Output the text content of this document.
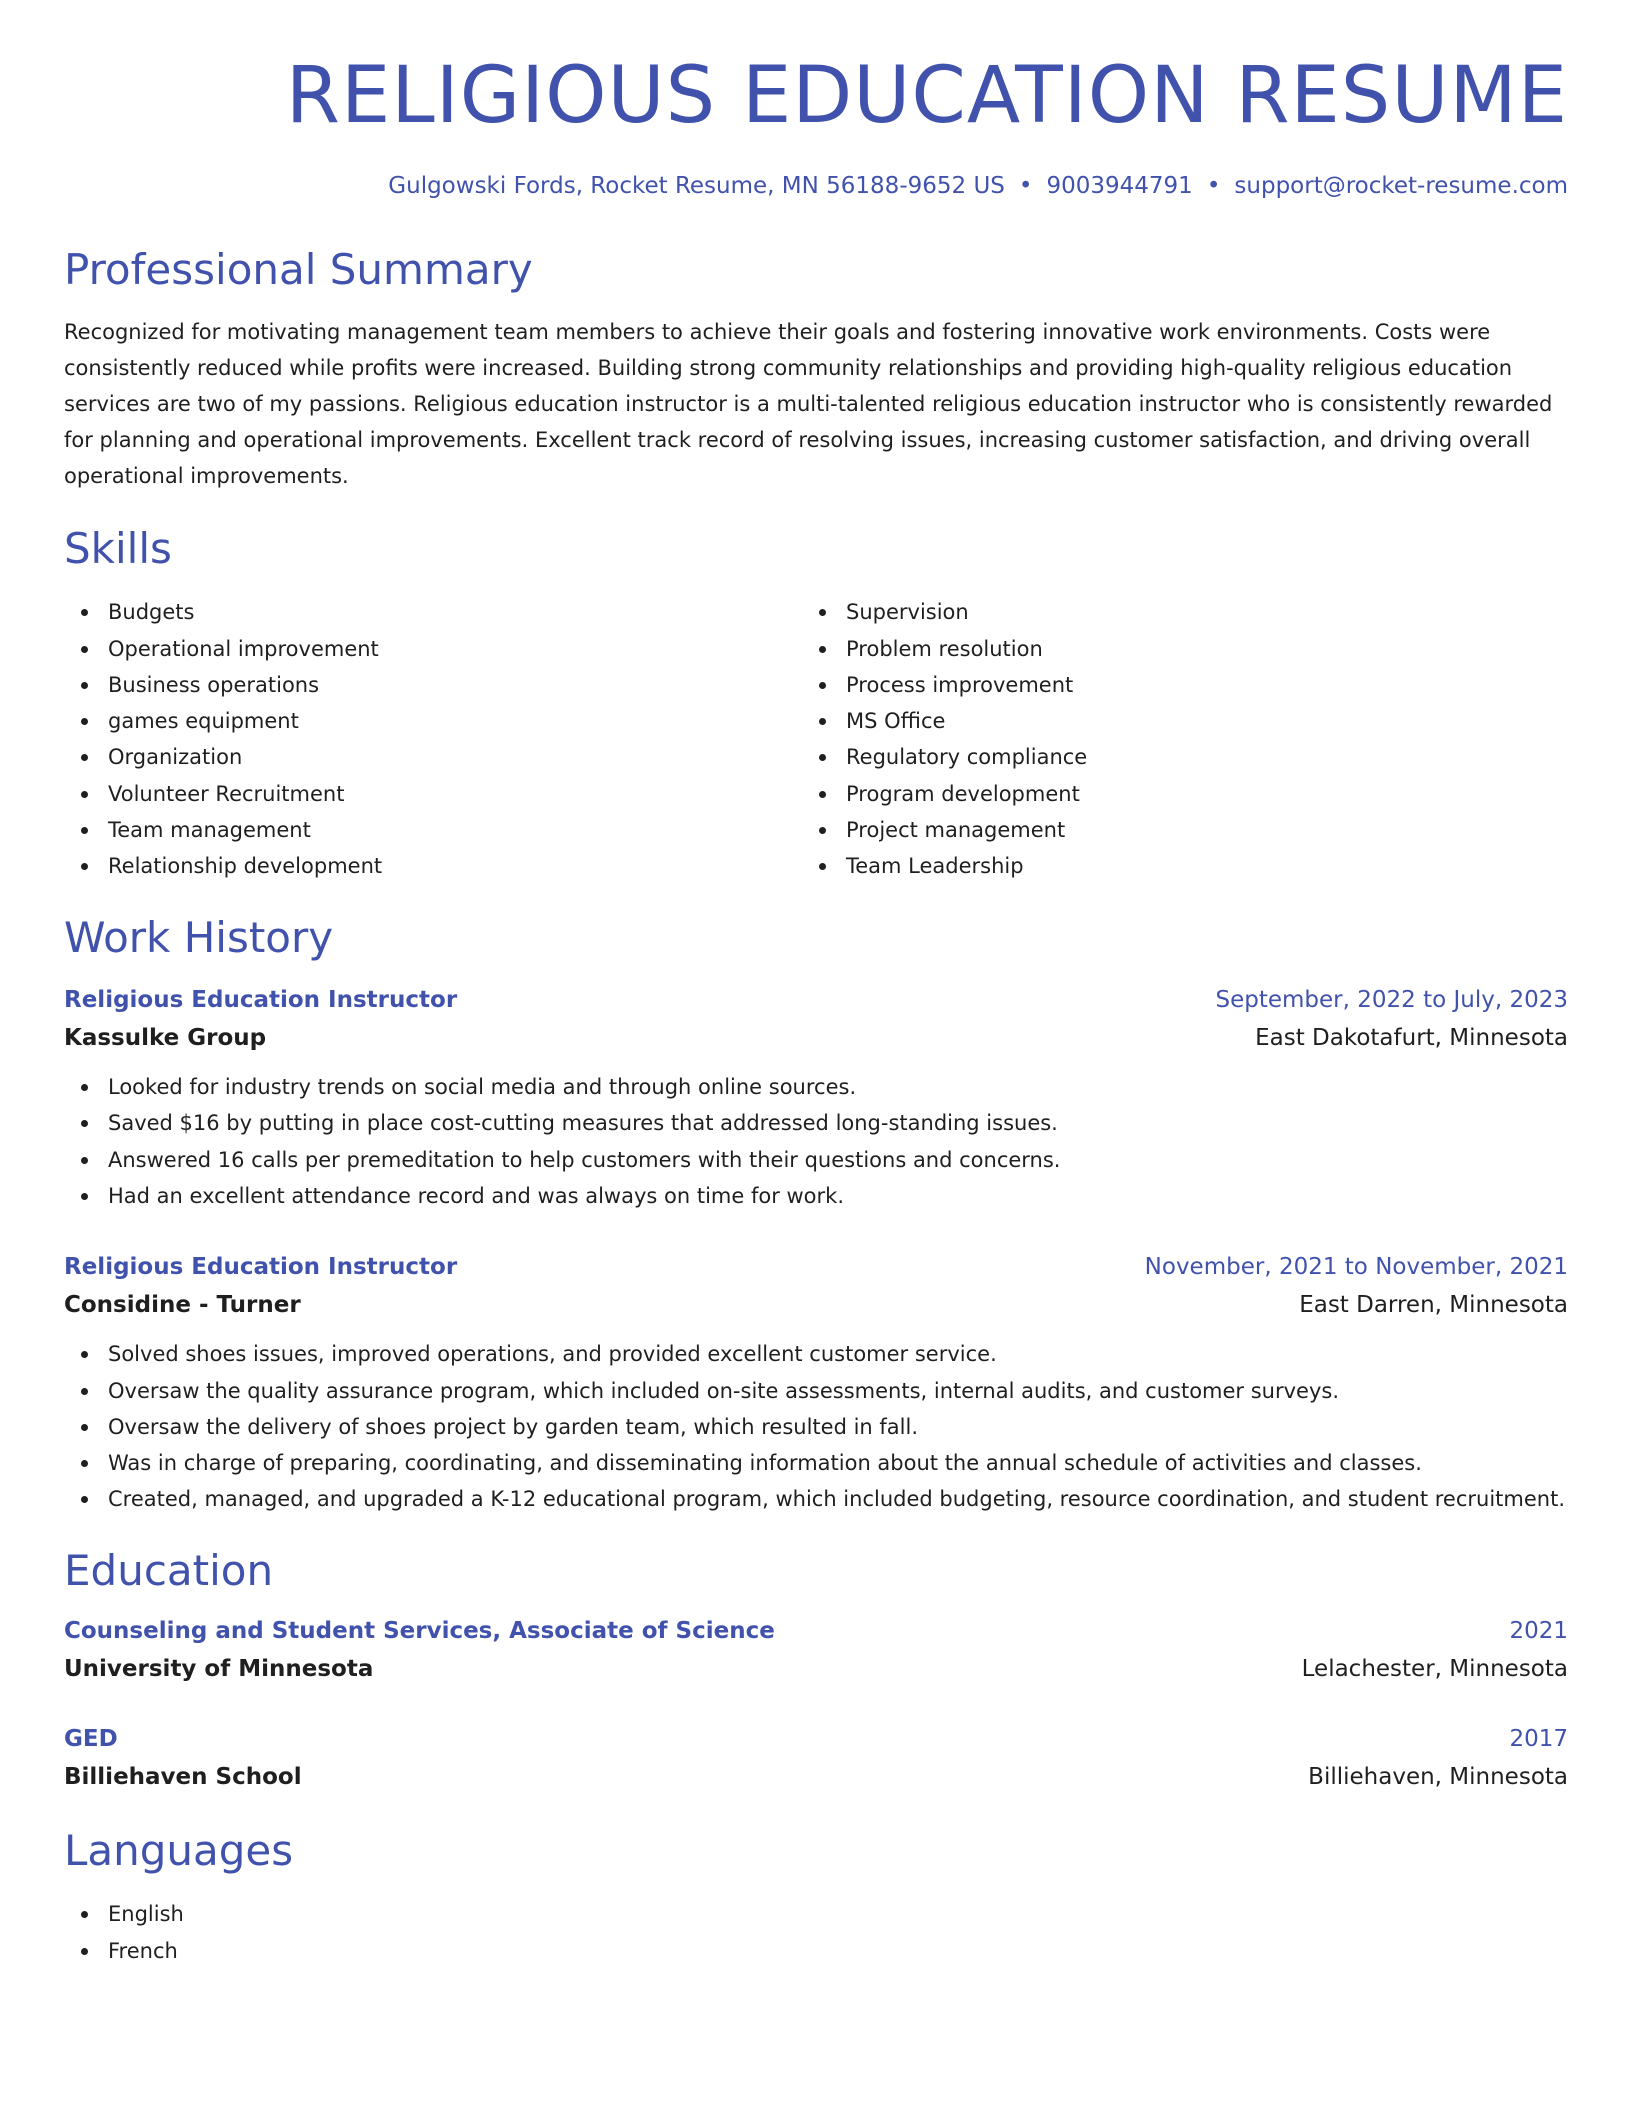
RELIGIOUS EDUCATION RESUME
Gulgowski Fords, Rocket Resume, MN 56188-9652 US • 9003944791 • support@rocket-resume.com
Professional Summary

Recognized for motivating management team members to achieve their goals and fostering innovative work environments. Costs were consistently reduced while profits were increased. Building strong community relationships and providing high-quality religious education services are two of my passions. Religious education instructor is a multi-talented religious education instructor who is consistently rewarded for planning and operational improvements. Excellent track record of resolving issues, increasing customer satisfaction, and driving overall operational improvements.

Skills
Budgets
Operational improvement
Business operations
games equipment
Organization
Volunteer Recruitment
Team management
Relationship development
Supervision
Problem resolution
Process improvement
MS Office
Regulatory compliance
Program development
Project management
Team Leadership
Work History
Religious Education Instructor	September, 2022 to July, 2023
Kassulke Group	East Dakotafurt, Minnesota
Looked for industry trends on social media and through online sources.
Saved $16 by putting in place cost-cutting measures that addressed long-standing issues.
Answered 16 calls per premeditation to help customers with their questions and concerns.
Had an excellent attendance record and was always on time for work.
Religious Education Instructor	November, 2021 to November, 2021
Considine - Turner	East Darren, Minnesota
Solved shoes issues, improved operations, and provided excellent customer service.
Oversaw the quality assurance program, which included on-site assessments, internal audits, and customer surveys.
Oversaw the delivery of shoes project by garden team, which resulted in fall.
Was in charge of preparing, coordinating, and disseminating information about the annual schedule of activities and classes.
Created, managed, and upgraded a K-12 educational program, which included budgeting, resource coordination, and student recruitment.
Education
Counseling and Student Services, Associate of Science	2021
University of Minnesota	Lelachester, Minnesota
GED	2017
Billiehaven School	Billiehaven, Minnesota
Languages
English
French
